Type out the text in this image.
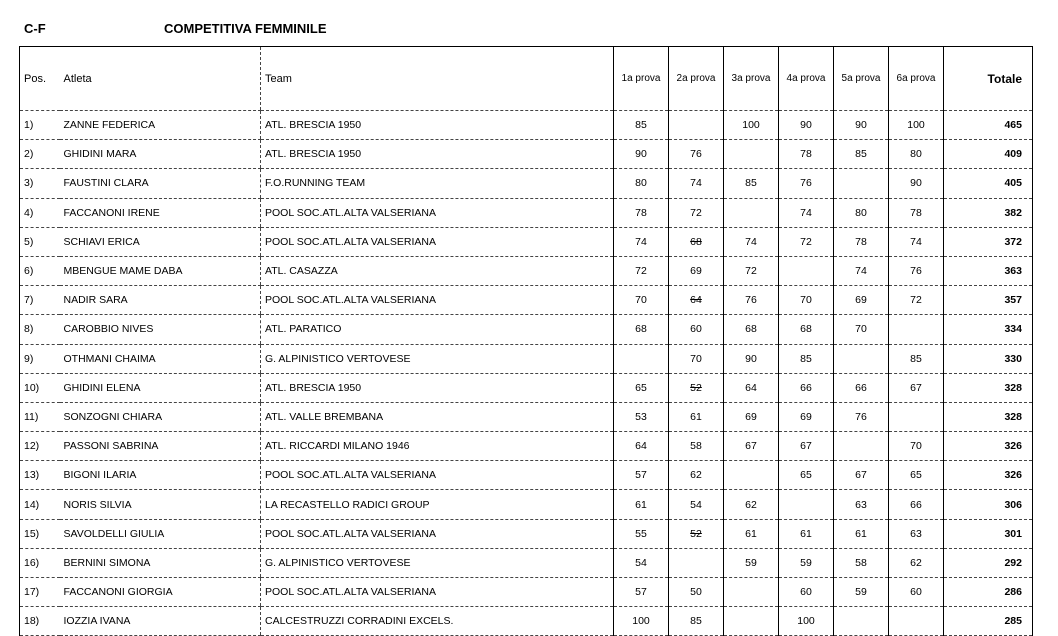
C-F	COMPETITIVA FEMMINILE
Pos.	Atleta	Team	1a prova	2a prova	3a prova	4a prova	5a prova	6a prova	Totale
1)	ZANNE FEDERICA	ATL. BRESCIA 1950	85		100	90	90	100	465
2)	GHIDINI MARA	ATL. BRESCIA 1950	90	76		78	85	80	409
3)	FAUSTINI CLARA	F.O.RUNNING TEAM	80	74	85	76		90	405
4)	FACCANONI IRENE	POOL SOC.ATL.ALTA VALSERIANA	78	72		74	80	78	382
5)	SCHIAVI ERICA	POOL SOC.ATL.ALTA VALSERIANA	74	68	74	72	78	74	372
6)	MBENGUE MAME DABA	ATL. CASAZZA	72	69	72		74	76	363
7)	NADIR SARA	POOL SOC.ATL.ALTA VALSERIANA	70	64	76	70	69	72	357
8)	CAROBBIO NIVES	ATL. PARATICO	68	60	68	68	70		334
9)	OTHMANI CHAIMA	G. ALPINISTICO VERTOVESE		70	90	85		85	330
10)	GHIDINI ELENA	ATL. BRESCIA 1950	65	52	64	66	66	67	328
11)	SONZOGNI CHIARA	ATL. VALLE BREMBANA	53	61	69	69	76		328
12)	PASSONI SABRINA	ATL. RICCARDI MILANO 1946	64	58	67	67		70	326
13)	BIGONI ILARIA	POOL SOC.ATL.ALTA VALSERIANA	57	62		65	67	65	326
14)	NORIS SILVIA	LA RECASTELLO RADICI GROUP	61	54	62		63	66	306
15)	SAVOLDELLI GIULIA	POOL SOC.ATL.ALTA VALSERIANA	55	52	61	61	61	63	301
16)	BERNINI SIMONA	G. ALPINISTICO VERTOVESE	54		59	59	58	62	292
17)	FACCANONI GIORGIA	POOL SOC.ATL.ALTA VALSERIANA	57	50		60	59	60	286
18)	IOZZIA IVANA	CALCESTRUZZI CORRADINI EXCELS.	100	85		100			285
